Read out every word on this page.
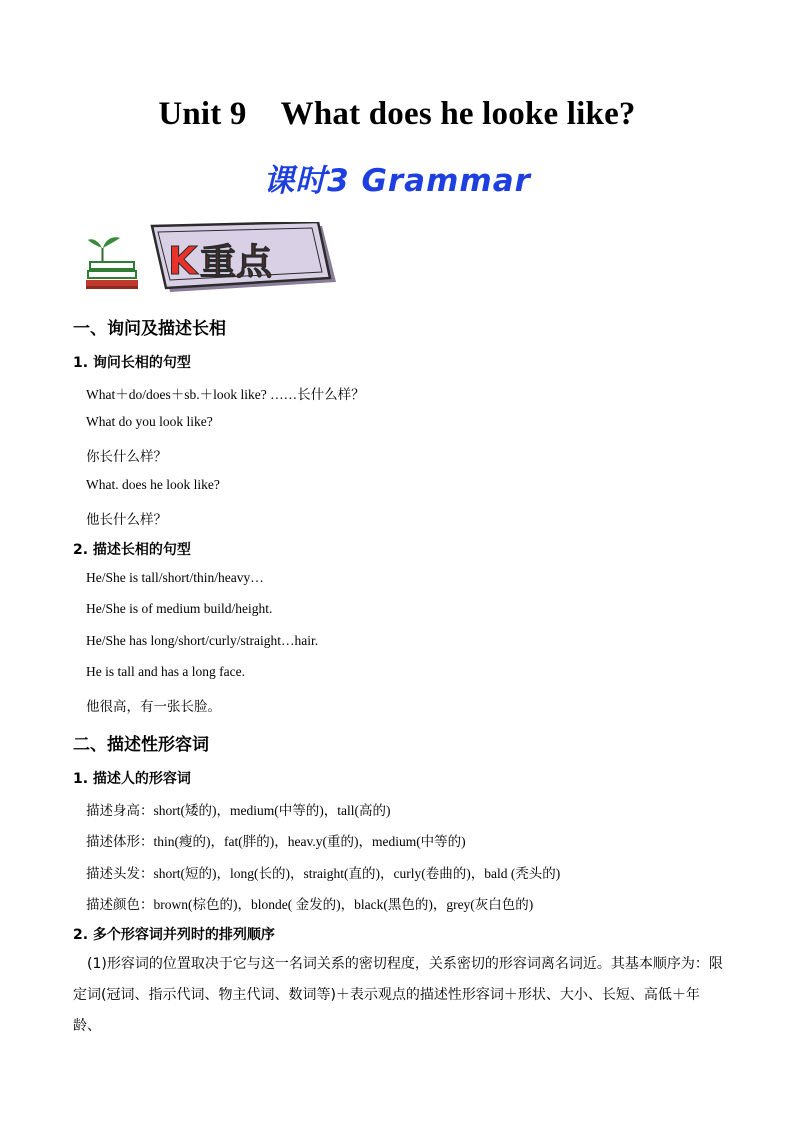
Unit 9 What does he looke like?
课时3 Grammar
K 重点
一、询问及描述长相
1. 询问长相的句型
What＋do/does＋sb.＋look like? ……长什么样？
What do you look like?
你长什么样？
What. does he look like?
他长什么样？
2. 描述长相的句型
He/She is tall/short/thin/heavy…
He/She is of medium build/height.
He/She has long/short/curly/straight…hair.
He is tall and has a long face.
他很高，有一张长脸。
二、描述性形容词
1. 描述人的形容词
描述身高：short(矮的)，medium(中等的)，tall(高的)
描述体形：thin(瘦的)，fat(胖的)，heav.y(重的)，medium(中等的)
描述头发：short(短的)，long(长的)，straight(直的)，curly(卷曲的)，bald (秃头的)
描述颜色：brown(棕色的)，blonde( 金发的)，black(黑色的)，grey(灰白色的)
2. 多个形容词并列时的排列顺序
(1)形容词的位置取决于它与这一名词关系的密切程度，关系密切的形容词离名词近。其基本顺序为：限定词(冠词、指示代词、物主代词、数词等)＋表示观点的描述性形容词＋形状、大小、长短、高低＋年龄、
